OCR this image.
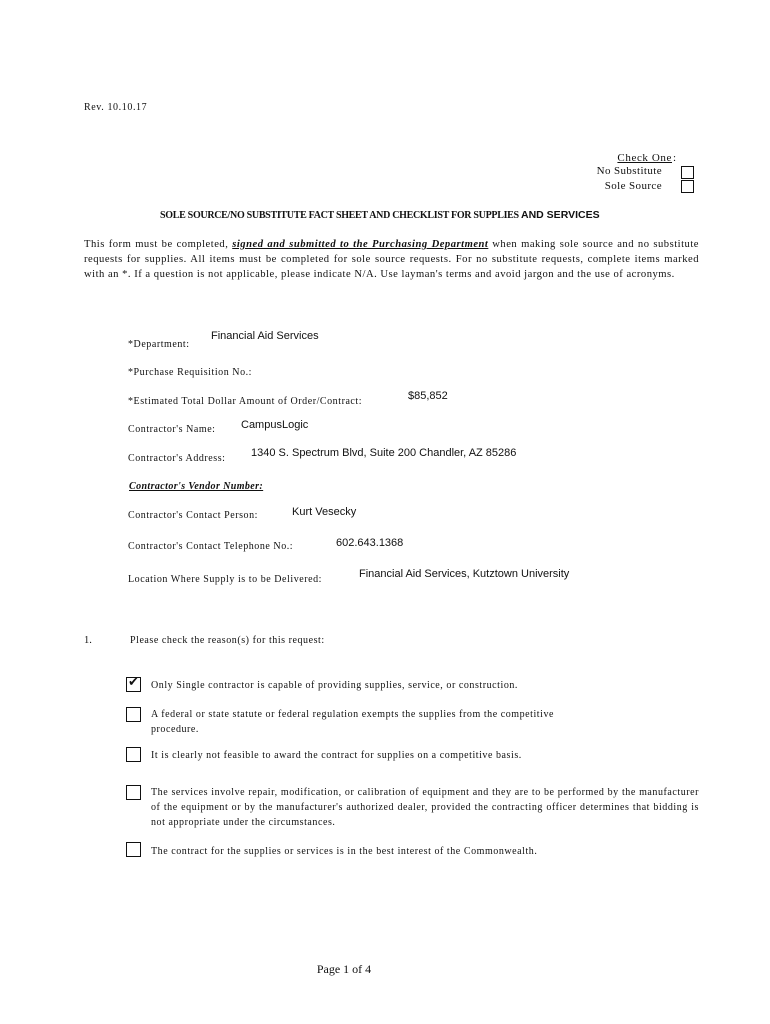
Rev. 10.10.17
Check One :
No Substitute
Sole Source
SOLE SOURCE/NO SUBSTITUTE FACT SHEET AND CHECKLIST FOR SUPPLIES AND SERVICES
This form must be completed, signed and submitted to the Purchasing Department when making sole source and no substitute requests for supplies. All items must be completed for sole source requests. For no substitute requests, complete items marked with an *. If a question is not applicable, please indicate N/A. Use layman's terms and avoid jargon and the use of acronyms.
*Department:
Financial Aid Services
*Purchase Requisition No.:
*Estimated Total Dollar Amount of Order/Contract:	$85,852
Contractor's Name: CampusLogic
Contractor's Address: 1340 S. Spectrum Blvd, Suite 200 Chandler, AZ 85286
Contractor's Vendor Number:
Contractor's Contact Person:	Kurt Vesecky
Contractor's Contact Telephone No.:	602.643.1368
Location Where Supply is to be Delivered:	Financial Aid Services, Kutztown University
1.	Please check the reason(s) for this request:
✔ Only Single contractor is capable of providing supplies, service, or construction.
A federal or state statute or federal regulation exempts the supplies from the competitive procedure.
It is clearly not feasible to award the contract for supplies on a competitive basis.
The services involve repair, modification, or calibration of equipment and they are to be performed by the manufacturer of the equipment or by the manufacturer's authorized dealer, provided the contracting officer determines that bidding is not appropriate under the circumstances.
The contract for the supplies or services is in the best interest of the Commonwealth.
Page 1 of 4
